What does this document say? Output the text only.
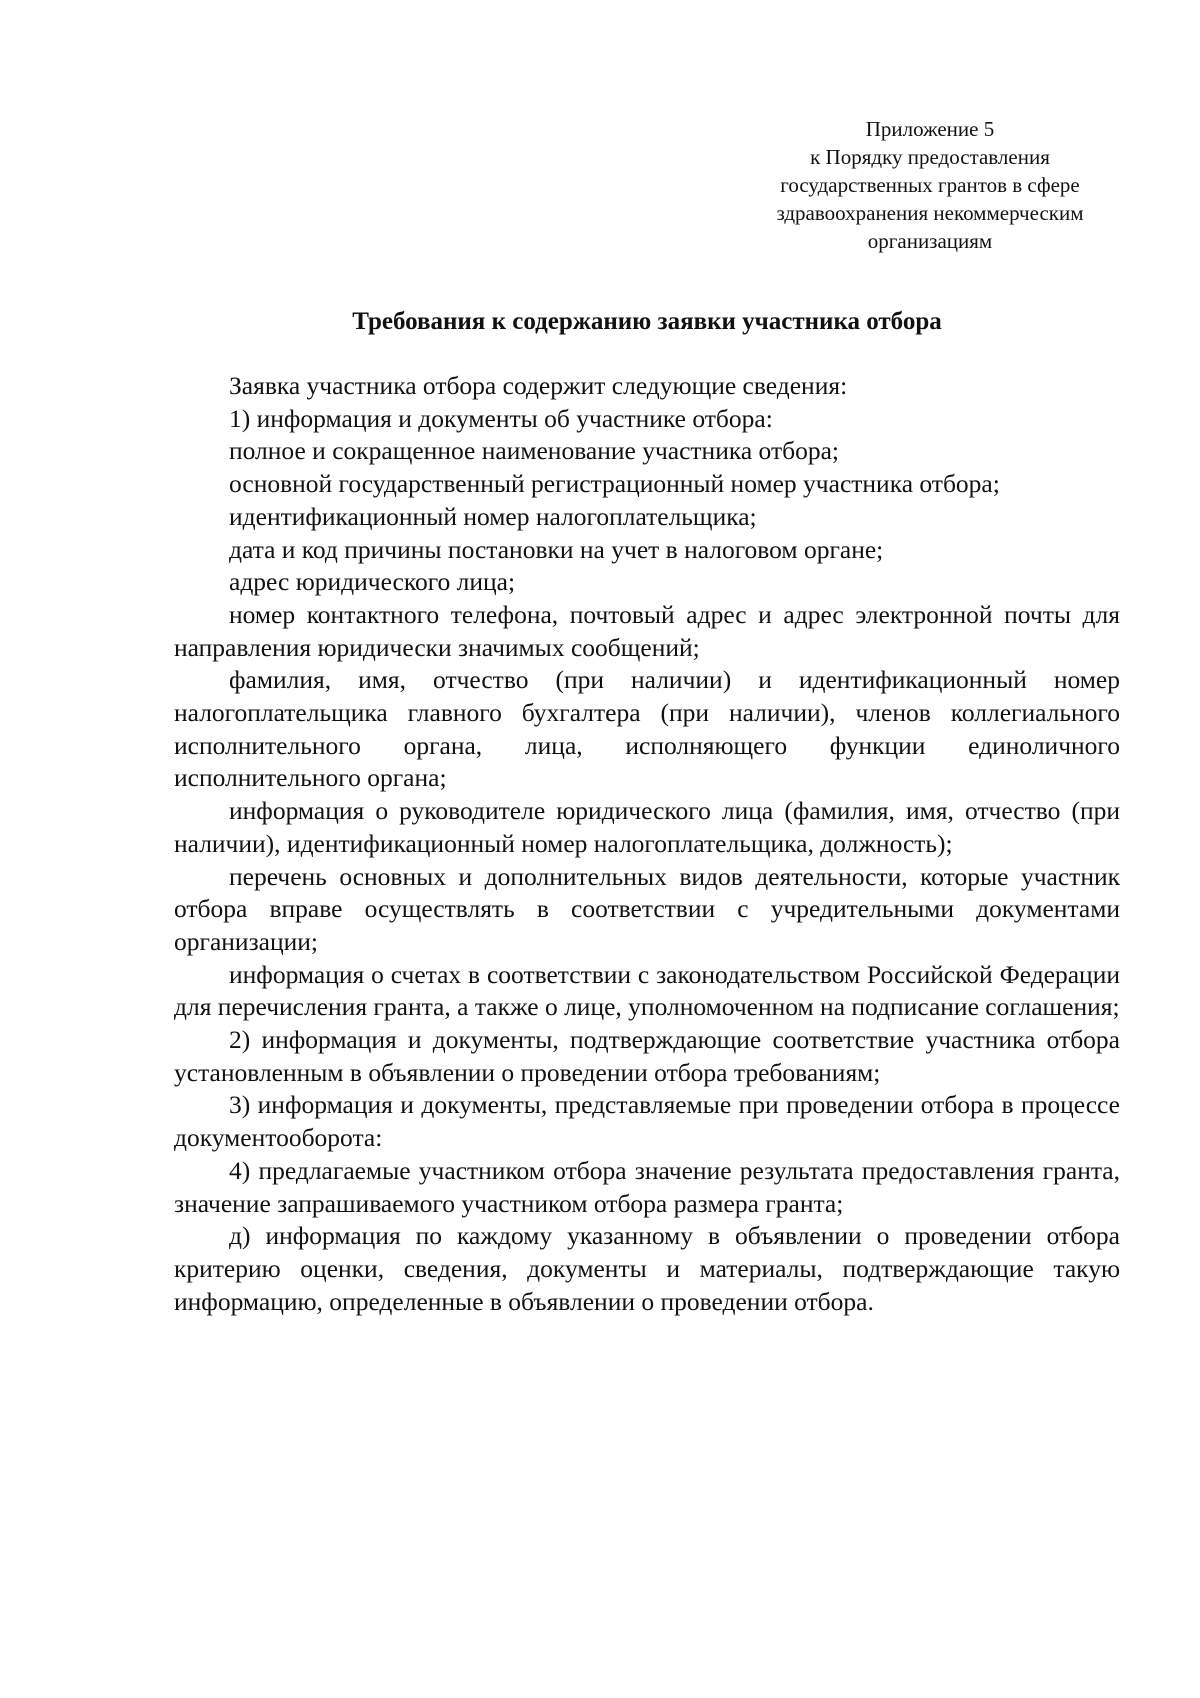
Приложение 5
к Порядку предоставления
государственных грантов в сфере
здравоохранения некоммерческим
организациям
Требования к содержанию заявки участника отбора

Заявка участника отбора содержит следующие сведения:

1) информация и документы об участнике отбора:

полное и сокращенное наименование участника отбора;

основной государственный регистрационный номер участника отбора;

идентификационный номер налогоплательщика;

дата и код причины постановки на учет в налоговом органе;

адрес юридического лица;

номер контактного телефона, почтовый адрес и адрес электронной почты для направления юридически значимых сообщений;

фамилия, имя, отчество (при наличии) и идентификационный номер налогоплательщика главного бухгалтера (при наличии), членов коллегиального исполнительного органа, лица, исполняющего функции единоличного исполнительного органа;

информация о руководителе юридического лица (фамилия, имя, отчество (при наличии), идентификационный номер налогоплательщика, должность);

перечень основных и дополнительных видов деятельности, которые участник отбора вправе осуществлять в соответствии с учредительными документами организации;

информация о счетах в соответствии с законодательством Российской Федерации для перечисления гранта, а также о лице, уполномоченном на подписание соглашения;

2) информация и документы, подтверждающие соответствие участника отбора установленным в объявлении о проведении отбора требованиям;

3) информация и документы, представляемые при проведении отбора в процессе документооборота:

4) предлагаемые участником отбора значение результата предоставления гранта, значение запрашиваемого участником отбора размера гранта;

д) информация по каждому указанному в объявлении о проведении отбора критерию оценки, сведения, документы и материалы, подтверждающие такую информацию, определенные в объявлении о проведении отбора.
